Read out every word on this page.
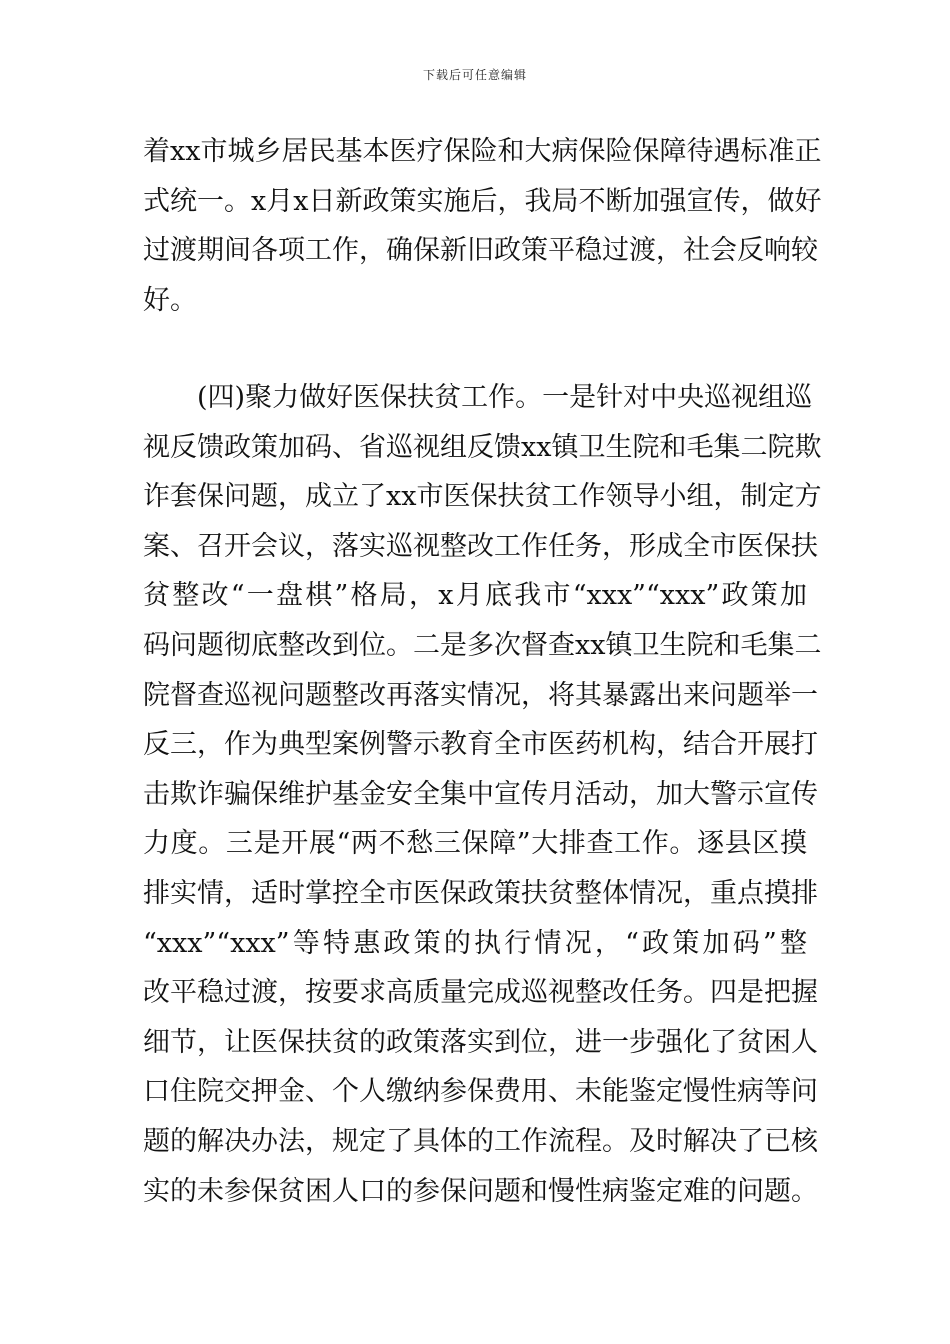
下载后可任意编辑
着xx市城乡居民基本医疗保险和大病保险保障待遇标准正
式统一。x月x日新政策实施后，我局不断加强宣传，做好
过渡期间各项工作，确保新旧政策平稳过渡，社会反响较
好。
　　(四)聚力做好医保扶贫工作。一是针对中央巡视组巡
视反馈政策加码、省巡视组反馈xx镇卫生院和毛集二院欺
诈套保问题，成立了xx市医保扶贫工作领导小组，制定方
案、召开会议，落实巡视整改工作任务，形成全市医保扶
贫整改“一盘棋”格局，x月底我市“xxx”“xxx”政策加
码问题彻底整改到位。二是多次督查xx镇卫生院和毛集二
院督查巡视问题整改再落实情况，将其暴露出来问题举一
反三，作为典型案例警示教育全市医药机构，结合开展打
击欺诈骗保维护基金安全集中宣传月活动，加大警示宣传
力度。三是开展“两不愁三保障”大排查工作。逐县区摸
排实情，适时掌控全市医保政策扶贫整体情况，重点摸排
“xxx”“xxx”等特惠政策的执行情况，“政策加码”整
改平稳过渡，按要求高质量完成巡视整改任务。四是把握
细节，让医保扶贫的政策落实到位，进一步强化了贫困人
口住院交押金、个人缴纳参保费用、未能鉴定慢性病等问
题的解决办法，规定了具体的工作流程。及时解决了已核
实的未参保贫困人口的参保问题和慢性病鉴定难的问题。
